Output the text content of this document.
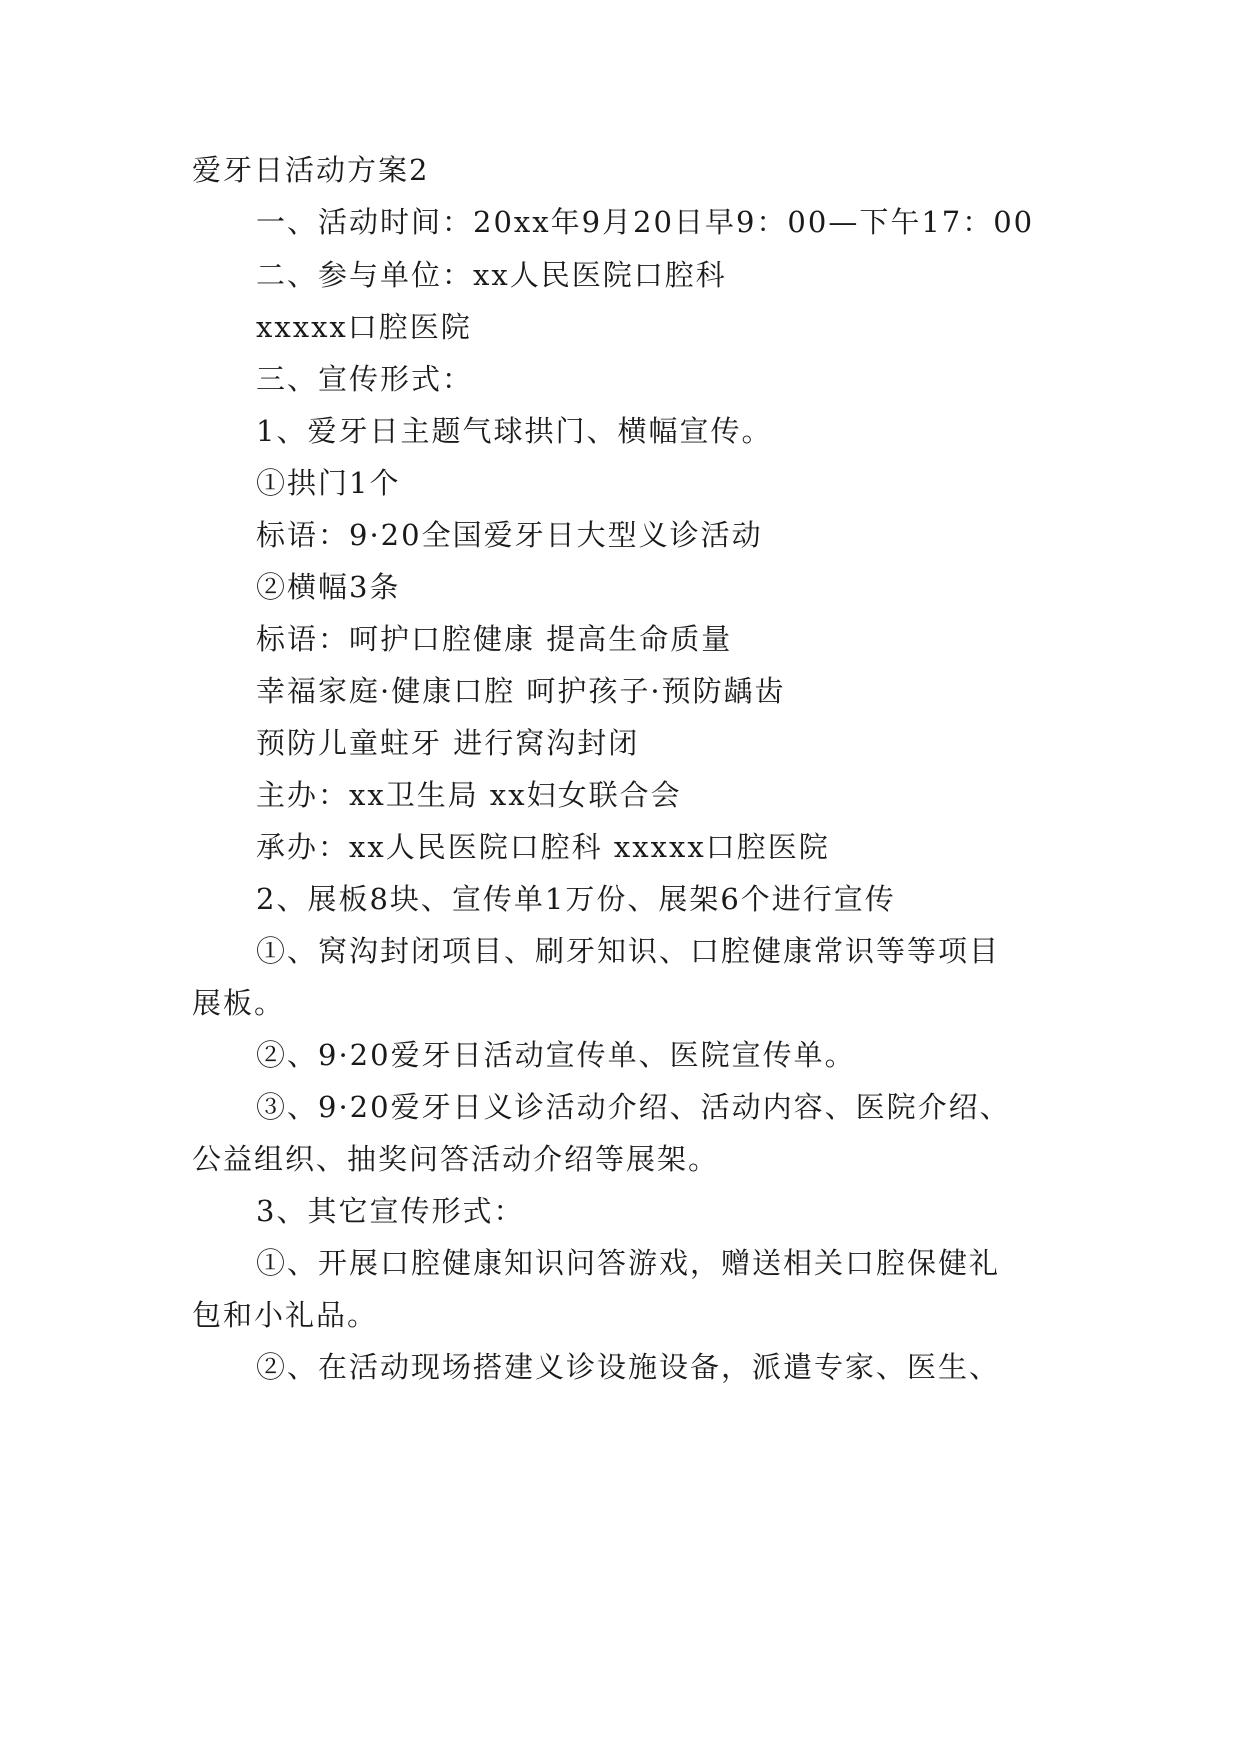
爱牙日活动方案2
一、活动时间：20xx年9月20日早9：00—下午17：00
二、参与单位：xx人民医院口腔科
xxxxx口腔医院
三、宣传形式：
1、爱牙日主题气球拱门、横幅宣传。
①拱门1个
标语：9·20全国爱牙日大型义诊活动
②横幅3条
标语：呵护口腔健康 提高生命质量
幸福家庭·健康口腔 呵护孩子·预防龋齿
预防儿童蛀牙 进行窝沟封闭
主办：xx卫生局 xx妇女联合会
承办：xx人民医院口腔科 xxxxx口腔医院
2、展板8块、宣传单1万份、展架6个进行宣传
①、窝沟封闭项目、刷牙知识、口腔健康常识等等项目
展板。
②、9·20爱牙日活动宣传单、医院宣传单。
③、9·20爱牙日义诊活动介绍、活动内容、医院介绍、
公益组织、抽奖问答活动介绍等展架。
3、其它宣传形式：
①、开展口腔健康知识问答游戏，赠送相关口腔保健礼
包和小礼品。
②、在活动现场搭建义诊设施设备，派遣专家、医生、
